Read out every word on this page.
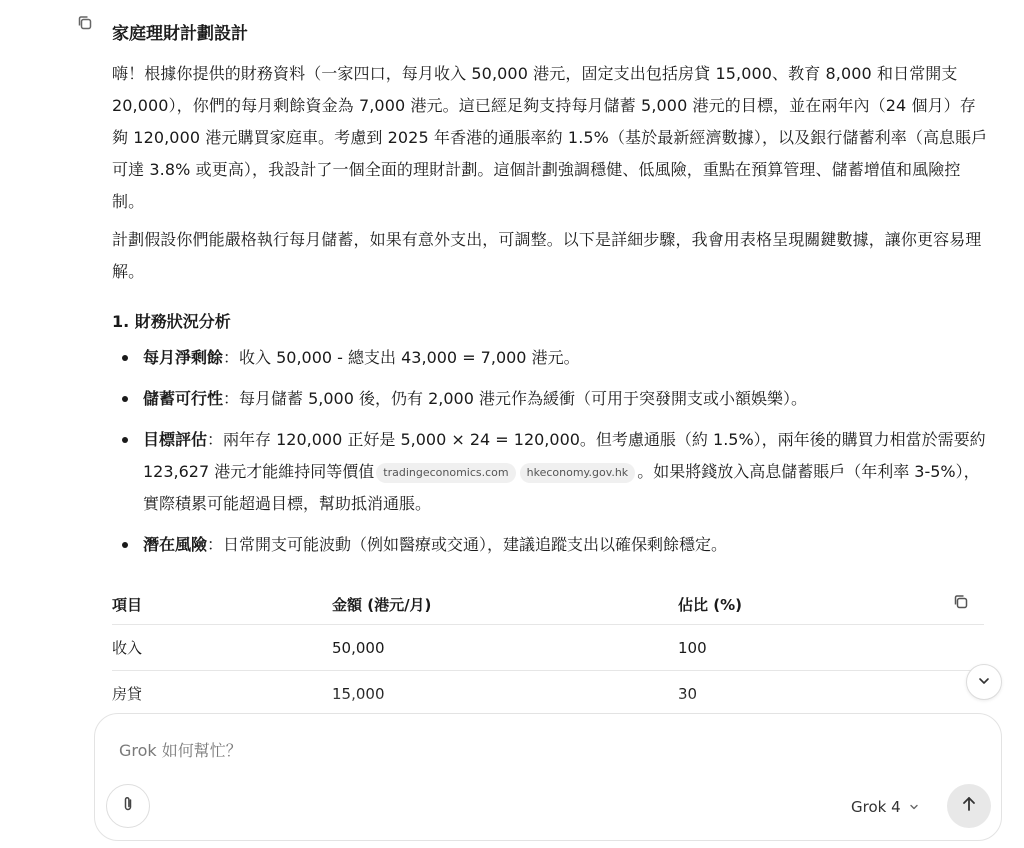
家庭理財計劃設計

嗨！根據你提供的財務資料（一家四口，每月收入 50,000 港元，固定支出包括房貸 15,000、教育 8,000 和日常開支 20,000），你們的每月剩餘資金為 7,000 港元。這已經足夠支持每月儲蓄 5,000 港元的目標，並在兩年內（24 個月）存夠 120,000 港元購買家庭車。考慮到 2025 年香港的通脹率約 1.5%（基於最新經濟數據），以及銀行儲蓄利率（高息賬戶可達 3.8% 或更高），我設計了一個全面的理財計劃。這個計劃強調穩健、低風險，重點在預算管理、儲蓄增值和風險控制。

計劃假設你們能嚴格執行每月儲蓄，如果有意外支出，可調整。以下是詳細步驟，我會用表格呈現關鍵數據，讓你更容易理解。

1. 財務狀況分析
每月淨剩餘：收入 50,000 - 總支出 43,000 = 7,000 港元。
儲蓄可行性：每月儲蓄 5,000 後，仍有 2,000 港元作為緩衝（可用于突發開支或小額娛樂）。
目標評估：兩年存 120,000 正好是 5,000 × 24 = 120,000。但考慮通脹（約 1.5%），兩年後的購買力相當於需要約 123,627 港元才能維持同等價值 tradingeconomics.com hkeconomy.gov.hk 。如果將錢放入高息儲蓄賬戶（年利率 3-5%），實際積累可能超過目標，幫助抵消通脹。
潛在風險：日常開支可能波動（例如醫療或交通），建議追蹤支出以確保剩餘穩定。
項目	金額 (港元/月)	佔比 (%)
收入	50,000	100
房貸	15,000	30
Grok 如何幫忙？
Grok 4
